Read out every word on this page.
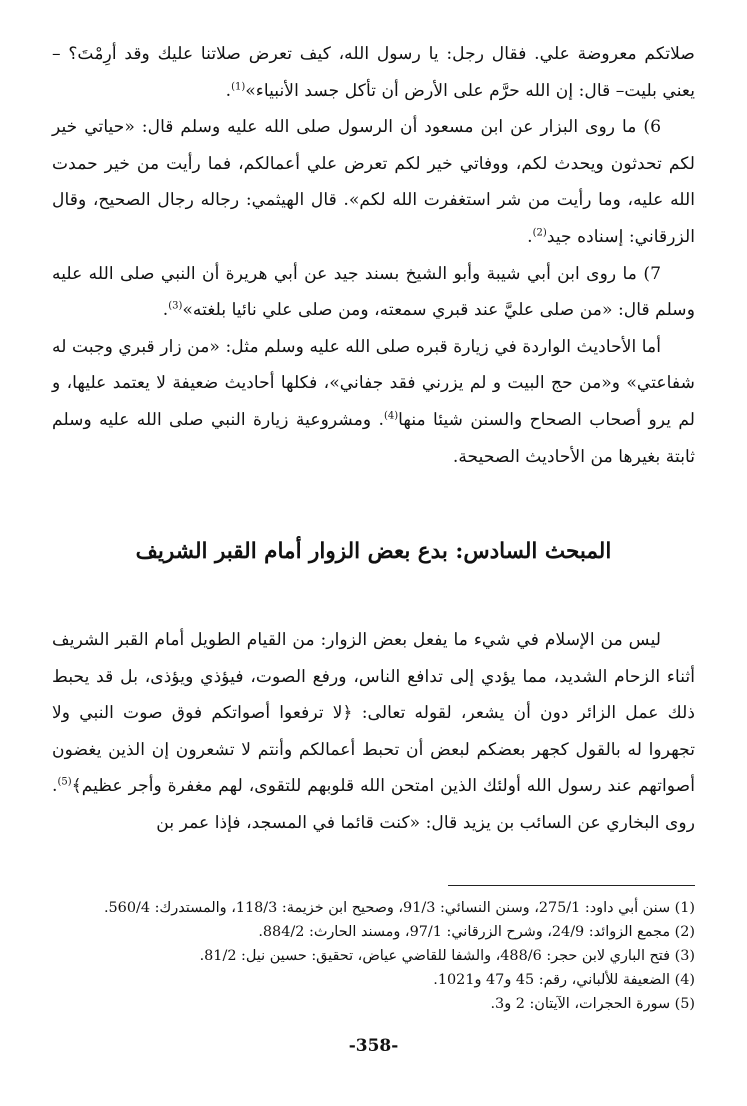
صلاتكم معروضة علي. فقال رجل: يا رسول الله، كيف تعرض صلاتنا عليك وقد أرِمْتَ؟ – يعني بليت– قال: إن الله حرَّم على الأرض أن تأكل جسد الأنبياء»$^{(1)}$.

6) ما روى البزار عن ابن مسعود أن الرسول صلى الله عليه وسلم قال: «حياتي خير لكم تحدثون ويحدث لكم، ووفاتي خير لكم تعرض علي أعمالكم، فما رأيت من خير حمدت الله عليه، وما رأيت من شر استغفرت الله لكم». قال الهيثمي: رجاله رجال الصحيح، وقال الزرقاني: إسناده جيد$^{(2)}$.

7) ما روى ابن أبي شيبة وأبو الشيخ بسند جيد عن أبي هريرة أن النبي صلى الله عليه وسلم قال: «من صلى عليَّ عند قبري سمعته، ومن صلى علي نائيا بلغته»$^{(3)}$.

أما الأحاديث الواردة في زيارة قبره صلى الله عليه وسلم مثل: «من زار قبري وجبت له شفاعتي» و«من حج البيت و لم يزرني فقد جفاني»، فكلها أحاديث ضعيفة لا يعتمد عليها، و لم يرو أصحاب الصحاح والسنن شيئا منها$^{(4)}$. ومشروعية زيارة النبي صلى الله عليه وسلم ثابتة بغيرها من الأحاديث الصحيحة.

المبحث السادس: بدع بعض الزوار أمام القبر الشريف

ليس من الإسلام في شيء ما يفعل بعض الزوار: من القيام الطويل أمام القبر الشريف أثناء الزحام الشديد، مما يؤدي إلى تدافع الناس، ورفع الصوت، فيؤذي ويؤذى، بل قد يحبط ذلك عمل الزائر دون أن يشعر، لقوله تعالى: ﴿لا ترفعوا أصواتكم فوق صوت النبي ولا تجهروا له بالقول كجهر بعضكم لبعض أن تحبط أعمالكم وأنتم لا تشعرون إن الذين يغضون أصواتهم عند رسول الله أولئك الذين امتحن الله قلوبهم للتقوى، لهم مغفرة وأجر عظيم﴾$^{(5)}$. روى البخاري عن السائب بن يزيد قال: «كنت قائما في المسجد، فإذا عمر بن

(1) سنن أبي داود: 275/1، وسنن النسائي: 91/3، وصحيح ابن خزيمة: 118/3، والمستدرك: 560/4.
(2) مجمع الزوائد: 24/9، وشرح الزرقاني: 97/1، ومسند الحارث: 884/2.
(3) فتح الباري لابن حجر: 488/6، والشفا للقاضي عياض، تحقيق: حسين نيل: 81/2.
(4) الضعيفة للألباني، رقم: 45 و47 و1021.
(5) سورة الحجرات، الآيتان: 2 و3.
-358-
